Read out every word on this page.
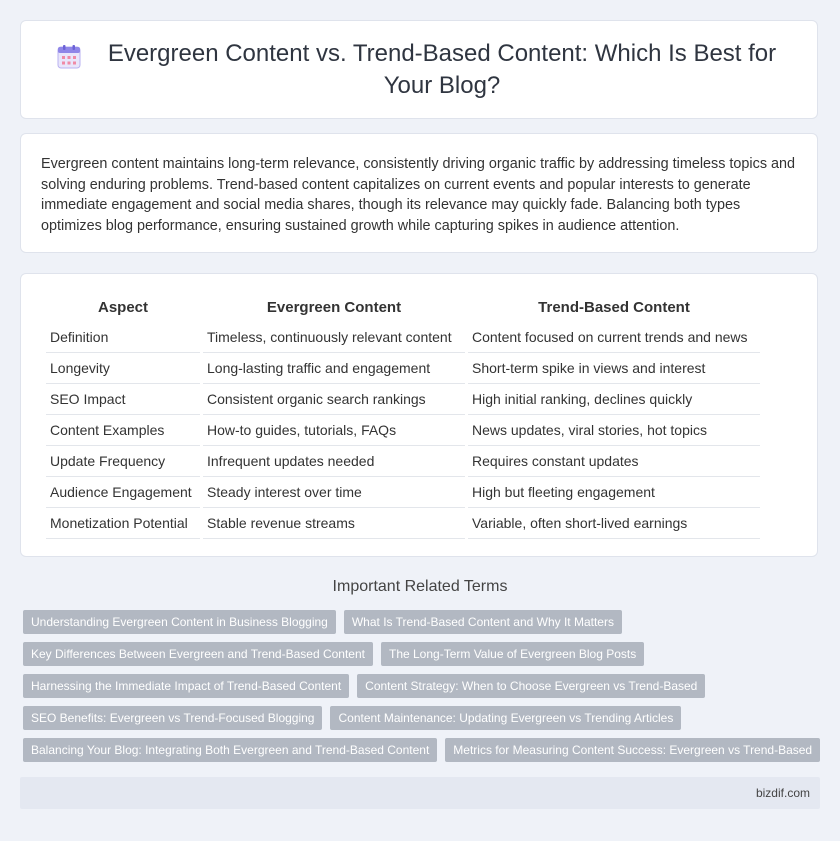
Evergreen Content vs. Trend-Based Content: Which Is Best for Your Blog?

Evergreen content maintains long-term relevance, consistently driving organic traffic by addressing timeless topics and solving enduring problems. Trend-based content capitalizes on current events and popular interests to generate immediate engagement and social media shares, though its relevance may quickly fade. Balancing both types optimizes blog performance, ensuring sustained growth while capturing spikes in audience attention.

Aspect	Evergreen Content	Trend-Based Content
Definition	Timeless, continuously relevant content	Content focused on current trends and news
Longevity	Long-lasting traffic and engagement	Short-term spike in views and interest
SEO Impact	Consistent organic search rankings	High initial ranking, declines quickly
Content Examples	How-to guides, tutorials, FAQs	News updates, viral stories, hot topics
Update Frequency	Infrequent updates needed	Requires constant updates
Audience Engagement	Steady interest over time	High but fleeting engagement
Monetization Potential	Stable revenue streams	Variable, often short-lived earnings
Important Related Terms
Understanding Evergreen Content in Business Blogging	What Is Trend-Based Content and Why It Matters
Key Differences Between Evergreen and Trend-Based Content	The Long-Term Value of Evergreen Blog Posts
Harnessing the Immediate Impact of Trend-Based Content	Content Strategy: When to Choose Evergreen vs Trend-Based
SEO Benefits: Evergreen vs Trend-Focused Blogging	Content Maintenance: Updating Evergreen vs Trending Articles
Balancing Your Blog: Integrating Both Evergreen and Trend-Based Content	Metrics for Measuring Content Success: Evergreen vs Trend-Based
bizdif.com
